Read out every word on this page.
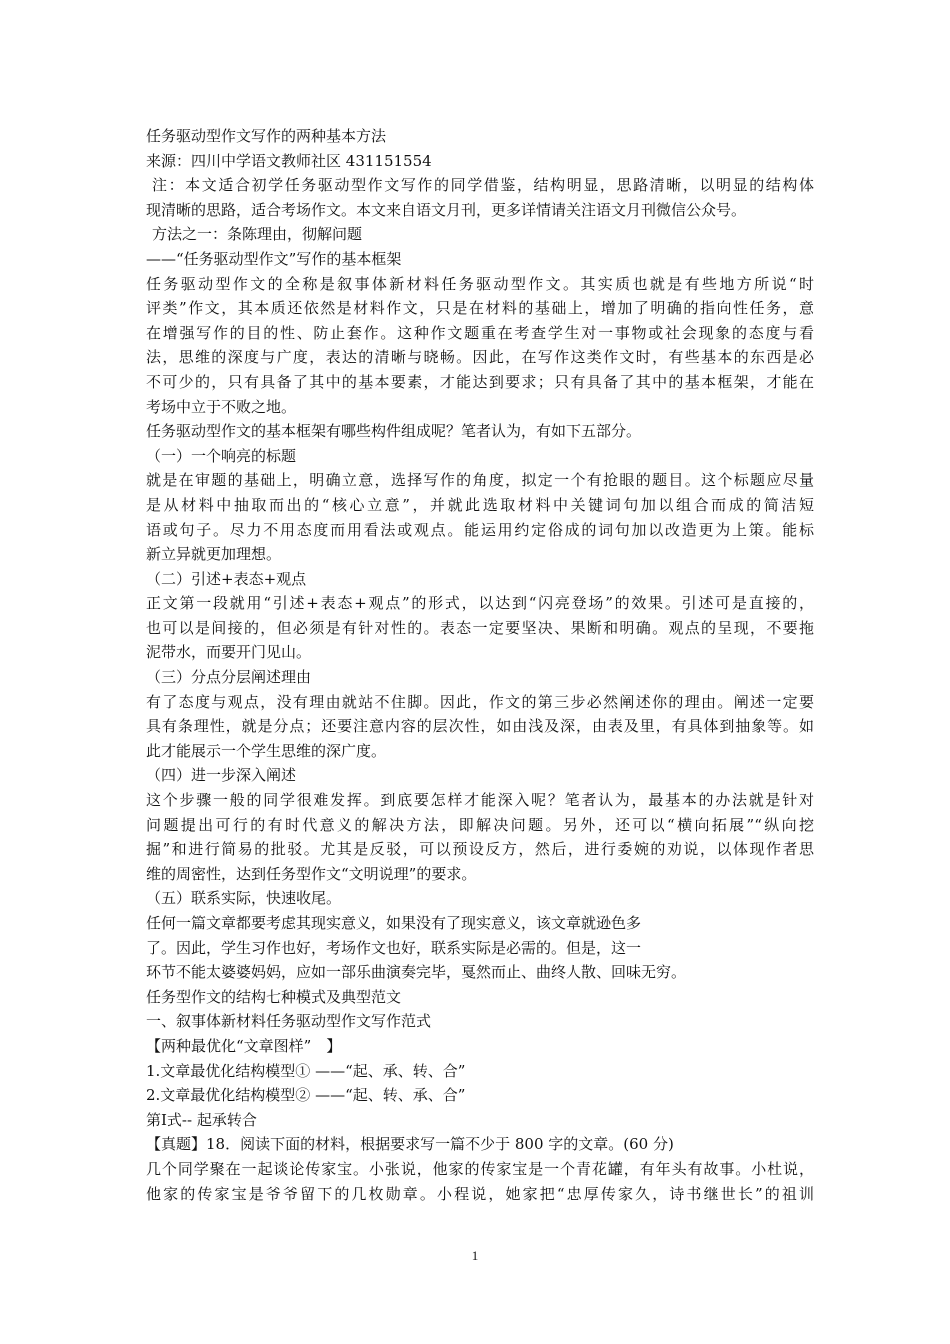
任务驱动型作文写作的两种基本方法
来源：四川中学语文教师社区 431151554
注：本文适合初学任务驱动型作文写作的同学借鉴，结构明显，思路清晰，以明显的结构体
现清晰的思路，适合考场作文。本文来自语文月刊，更多详情请关注语文月刊微信公众号。
方法之一：条陈理由，彻解问题
——“任务驱动型作文”写作的基本框架
任务驱动型作文的全称是叙事体新材料任务驱动型作文。其实质也就是有些地方所说“时
评类”作文，其本质还依然是材料作文，只是在材料的基础上，增加了明确的指向性任务，意
在增强写作的目的性、防止套作。这种作文题重在考查学生对一事物或社会现象的态度与看
法，思维的深度与广度，表达的清晰与晓畅。因此，在写作这类作文时，有些基本的东西是必
不可少的，只有具备了其中的基本要素，才能达到要求；只有具备了其中的基本框架，才能在
考场中立于不败之地。
任务驱动型作文的基本框架有哪些构件组成呢？笔者认为，有如下五部分。
（一）一个响亮的标题
就是在审题的基础上，明确立意，选择写作的角度，拟定一个有抢眼的题目。这个标题应尽量
是从材料中抽取而出的“核心立意”，并就此选取材料中关键词句加以组合而成的简洁短
语或句子。尽力不用态度而用看法或观点。能运用约定俗成的词句加以改造更为上策。能标
新立异就更加理想。
（二）引述+表态+观点
正文第一段就用“引述+表态+观点”的形式，以达到“闪亮登场”的效果。引述可是直接的，
也可以是间接的，但必须是有针对性的。表态一定要坚决、果断和明确。观点的呈现，不要拖
泥带水，而要开门见山。
（三）分点分层阐述理由
有了态度与观点，没有理由就站不住脚。因此，作文的第三步必然阐述你的理由。阐述一定要
具有条理性，就是分点；还要注意内容的层次性，如由浅及深，由表及里，有具体到抽象等。如
此才能展示一个学生思维的深广度。
（四）进一步深入阐述
这个步骤一般的同学很难发挥。到底要怎样才能深入呢？笔者认为，最基本的办法就是针对
问题提出可行的有时代意义的解决方法，即解决问题。另外，还可以“横向拓展”“纵向挖
掘”和进行简易的批驳。尤其是反驳，可以预设反方，然后，进行委婉的劝说，以体现作者思
维的周密性，达到任务型作文“文明说理”的要求。
（五）联系实际，快速收尾。
任何一篇文章都要考虑其现实意义，如果没有了现实意义，该文章就逊色多
了。因此，学生习作也好，考场作文也好，联系实际是必需的。但是，这一
环节不能太婆婆妈妈，应如一部乐曲演奏完毕，戛然而止、曲终人散、回味无穷。
任务型作文的结构七种模式及典型范文
一、叙事体新材料任务驱动型作文写作范式
【两种最优化“文章图样”　】
1.文章最优化结构模型① ——“起、承、转、合”
2.文章最优化结构模型② ——“起、转、承、合”
第Ⅰ式-- 起承转合
【真题】18．阅读下面的材料，根据要求写一篇不少于 800 字的文章。(60 分)
几个同学聚在一起谈论传家宝。小张说，他家的传家宝是一个青花罐，有年头有故事。小杜说，
他家的传家宝是爷爷留下的几枚勋章。小程说，她家把“忠厚传家久，诗书继世长”的祖训
1
